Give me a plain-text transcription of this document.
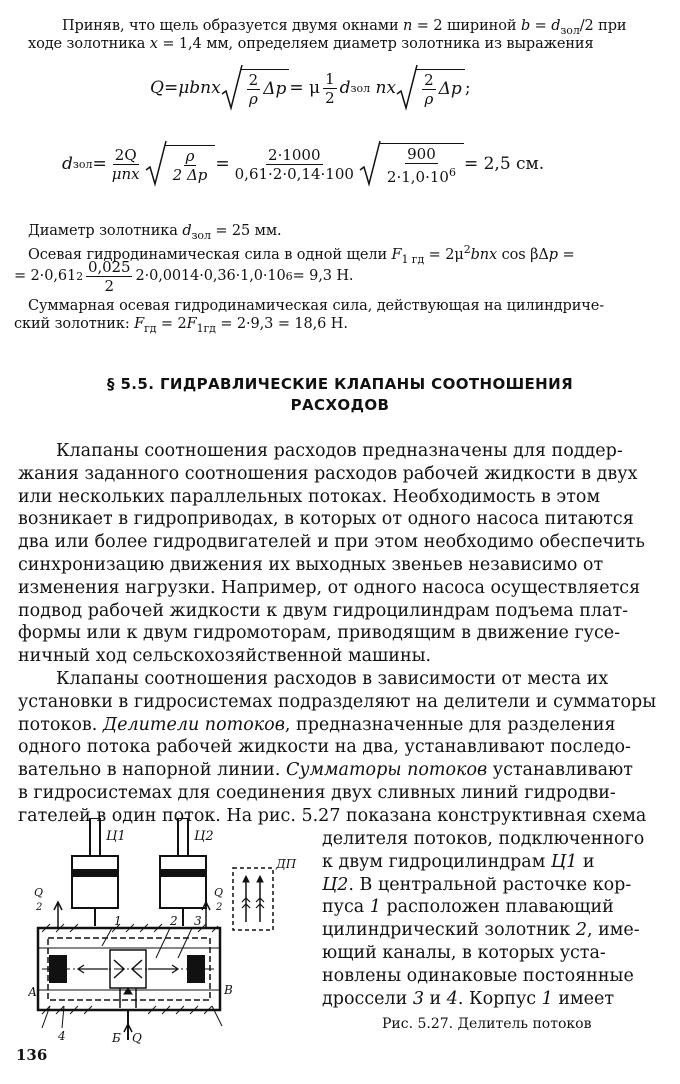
Приняв, что щель образуется двумя окнами n = 2 шириной $b = d_{зол}/2$ при
ходе золотника x = 1,4 мм, определяем диаметр золотника из выражения
Q = μbnx $\frac{2}{\rho}$ Δp = μ $\frac{1}{2}$ d зол
nx $\frac{2}{\rho}$ Δp ;
d зол = $\frac{2Q}{\text{μnx}} \frac{\rho}{2 \Delta p} = \frac{2\cdot 1000}{0,61\cdot 2\cdot 0,14\cdot 100} \frac{900}{2\cdot 1,0\cdot 10^6} = 2,5$ см.
Диаметр золотника $d_{зол} = 25$ мм.
Осевая гидродинамическая сила в одной щели $F_{1 гд} = 2\mu^2bnx$ cos βΔp =
= 2·0,61 $2 \frac{0,025}{2} 2\cdot 0,0014\cdot 0,36\cdot 1,0\cdot 10$ 6 = 9,3 Н.
Суммарная осевая гидродинамическая сила, действующая на цилиндриче-
ский золотник: $F_{гд} = 2F_{1гд} = 2\cdot 9,3 = 18,6$ Н.
§ 5.5. ГИДРАВЛИЧЕСКИЕ КЛАПАНЫ СООТНОШЕНИЯ
РАСХОДОВ
Клапаны соотношения расходов предназначены для поддер-
жания заданного соотношения расходов рабочей жидкости в двух
или нескольких параллельных потоках. Необходимость в этом
возникает в гидроприводах, в которых от одного насоса питаются
два или более гидродвигателей и при этом необходимо обеспечить
синхронизацию движения их выходных звеньев независимо от
изменения нагрузки. Например, от одного насоса осуществляется
подвод рабочей жидкости к двум гидроцилиндрам подъема плат-
формы или к двум гидромоторам, приводящим в движение гусе-
ничный ход сельскохозяйственной машины.
Клапаны соотношения расходов в зависимости от места их
установки в гидросистемах подразделяют на делители и сумматоры
потоков. Делители потоков, предназначенные для разделения
одного потока рабочей жидкости на два, устанавливают последо-
вательно в напорной линии. Сумматоры потоков устанавливают
в гидросистемах для соединения двух сливных линий гидродви-
гателей в один поток. На рис. 5.27 показана конструктивная схема
делителя потоков, подключенного
к двум гидроцилиндрам Ц1 и
Ц2. В центральной расточке кор-
пуса 1 расположен плавающий
цилиндрический золотник 2, име-
ющий каналы, в которых уста-
новлены одинаковые постоянные
дроссели 3 и 4. Корпус 1 имеет
Ц1	Ц2
ДП
Q
2
Q
2
1	2 3
А	В
4	Б Q
Рис. 5.27. Делитель потоков
136
